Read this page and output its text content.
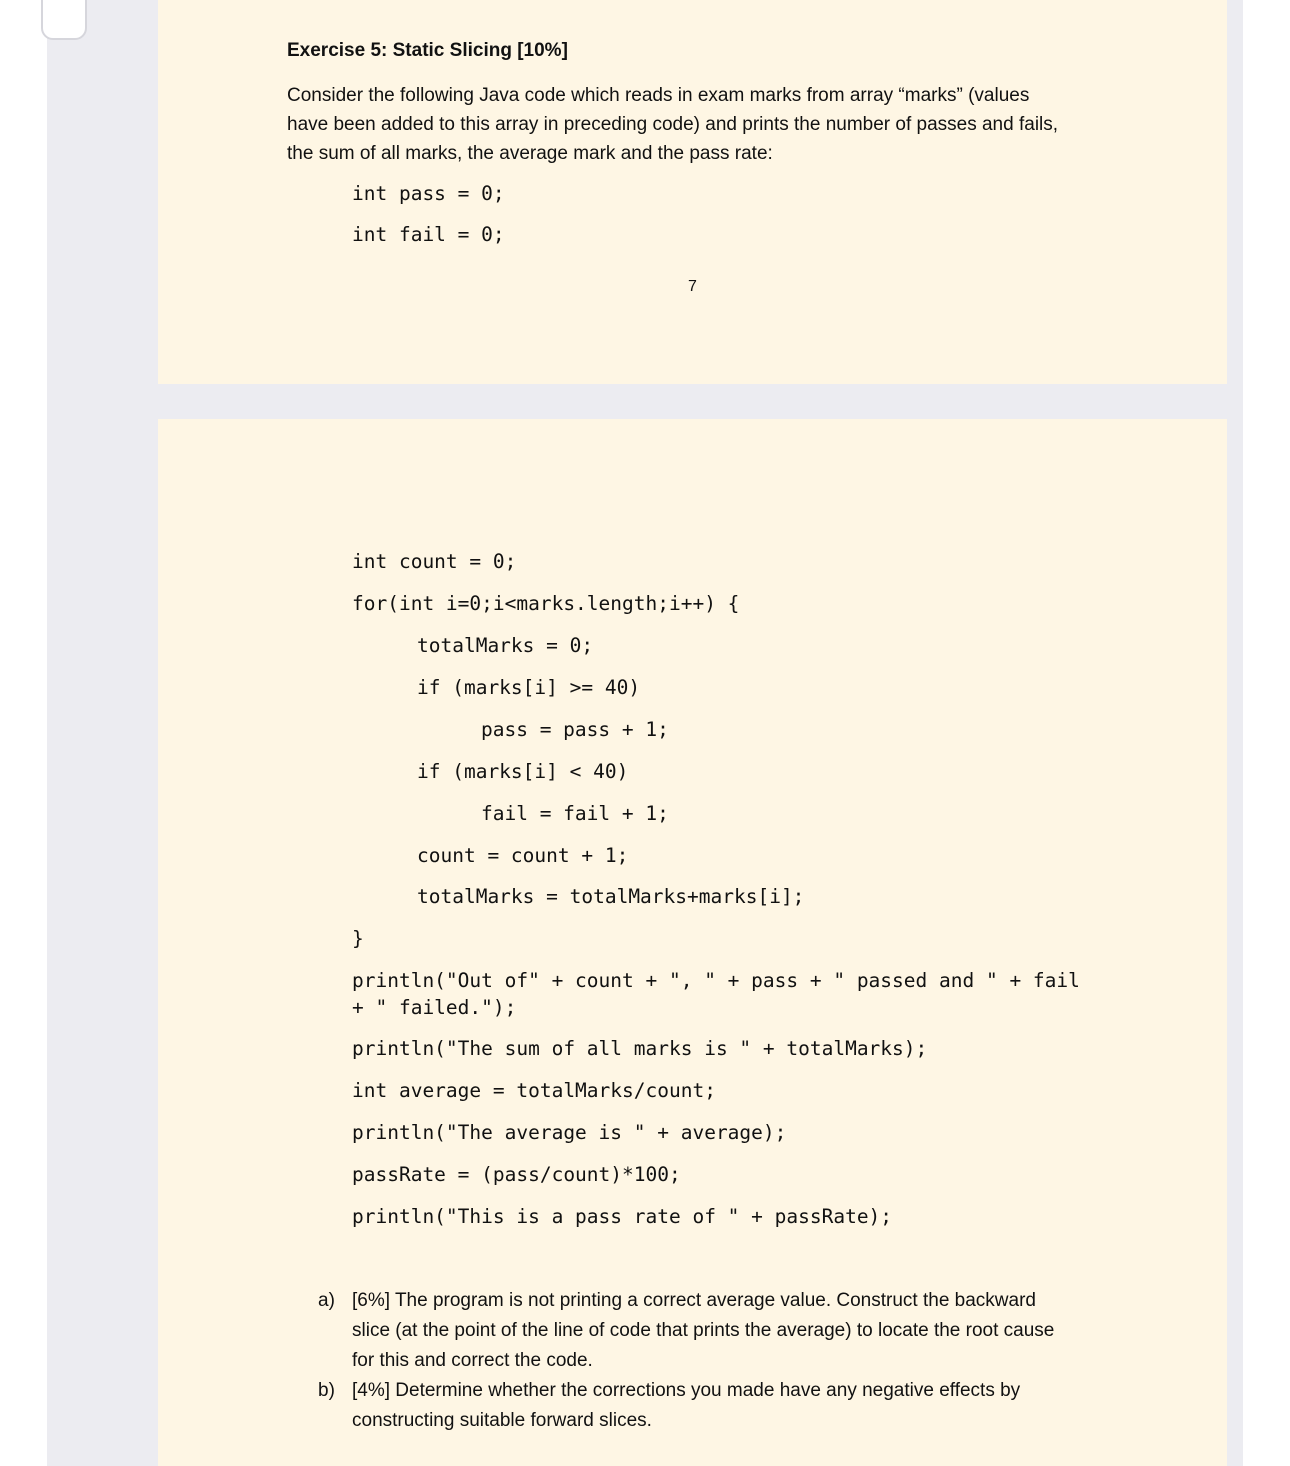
Exercise 5: Static Slicing [10%]

Consider the following Java code which reads in exam marks from array “marks” (values
have been added to this array in preceding code) and prints the number of passes and fails,
the sum of all marks, the average mark and the pass rate:

int pass = 0;
int fail = 0;
7
int count = 0;
for(int i=0;i<marks.length;i++) {
totalMarks = 0;
if (marks[i] >= 40)
pass = pass + 1;
if (marks[i] < 40)
fail = fail + 1;
count = count + 1;
totalMarks = totalMarks+marks[i];
}
println("Out of" + count + ", " + pass + " passed and " + fail
+ " failed.");
println("The sum of all marks is " + totalMarks);
int average = totalMarks/count;
println("The average is " + average);
passRate = (pass/count)*100;
println("This is a pass rate of " + passRate);
a) [6%] The program is not printing a correct average value. Construct the backward
slice (at the point of the line of code that prints the average) to locate the root cause
for this and correct the code.
b) [4%] Determine whether the corrections you made have any negative effects by
constructing suitable forward slices.
